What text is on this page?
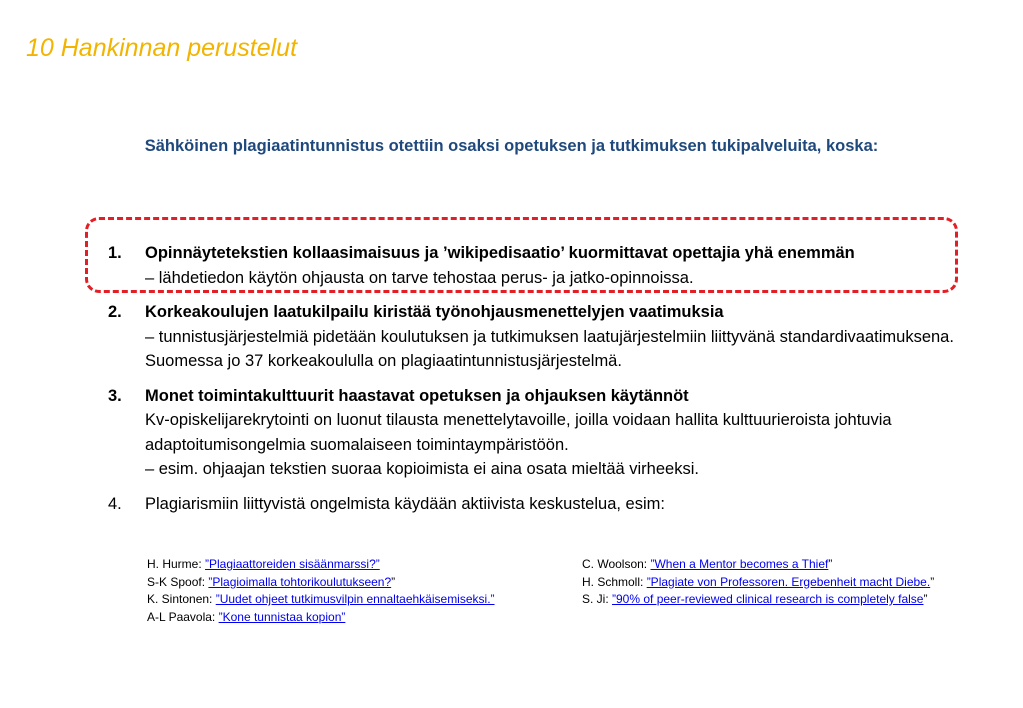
10 Hankinnan perustelut
Sähköinen plagiaatintunnistus otettiin osaksi opetuksen ja tutkimuksen tukipalveluita, koska:
1. Opinnäytetekstien kollaasimaisuus ja ’wikipedisaatio’ kuormittavat opettajia yhä enemmän
– lähdetiedon käytön ohjausta on tarve tehostaa perus- ja jatko-opinnoissa.
2. Korkeakoulujen laatukilpailu kiristää työnohjausmenettelyjen vaatimuksia
– tunnistusjärjestelmiä pidetään koulutuksen ja tutkimuksen laatujärjestelmiin liittyvänä standardivaatimuksena. Suomessa jo 37 korkeakoululla on plagiaatintunnistusjärjestelmä.
3. Monet toimintakulttuurit haastavat opetuksen ja ohjauksen käytännöt
Kv-opiskelijarekrytointi on luonut tilausta menettelytavoille, joilla voidaan hallita kulttuurieroista johtuvia adaptoitumisongelmia suomalaiseen toimintaympäristöön.
– esim. ohjaajan tekstien suoraa kopioimista ei aina osata mieltää virheeksi.
4. Plagiarismiin liittyvistä ongelmista käydään aktiivista keskustelua, esim:
H. Hurme: ”Plagiaattoreiden sisäänmarssi?”
S-K Spoof: ”Plagioimalla tohtorikoulutukseen?”
K. Sintonen: ”Uudet ohjeet tutkimusvilpin ennaltaehkäisemiseksi.”
A-L Paavola: ”Kone tunnistaa kopion”
C. Woolson: ”When a Mentor becomes a Thief”
H. Schmoll: ”Plagiate von Professoren. Ergebenheit macht Diebe.”
S. Ji: ”90% of peer-reviewed clinical research is completely false”
